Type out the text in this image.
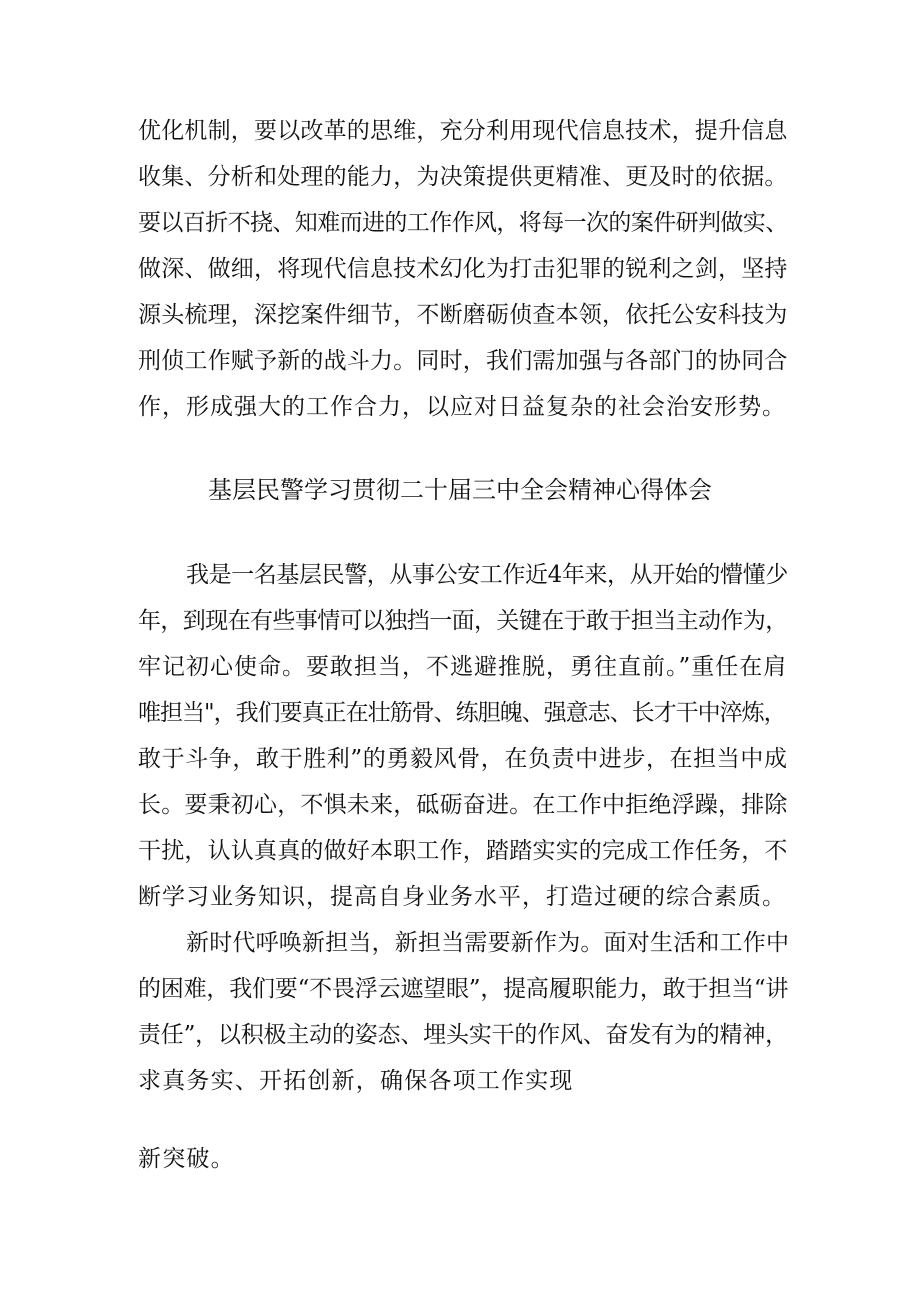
优化机制，要以改革的思维，充分利用现代信息技术，提升信息
收集、分析和处理的能力，为决策提供更精准、更及时的依据。
要以百折不挠、知难而进的工作作风，将每一次的案件研判做实、
做深、做细，将现代信息技术幻化为打击犯罪的锐利之剑，坚持
源头梳理，深挖案件细节，不断磨砺侦查本领，依托公安科技为
刑侦工作赋予新的战斗力。同时，我们需加强与各部门的协同合
作，形成强大的工作合力，以应对日益复杂的社会治安形势。
基层民警学习贯彻二十届三中全会精神心得体会
我是一名基层民警，从事公安工作近4年来，从开始的懵懂少
年，到现在有些事情可以独挡一面，关键在于敢于担当主动作为，
牢记初心使命。要敢担当，不逃避推脱，勇往直前。”重任在肩
唯担当"，我们要真正在壮筋骨、练胆魄、强意志、长才干中淬炼，
敢于斗争，敢于胜利”的勇毅风骨，在负责中进步，在担当中成
长。要秉初心，不惧未来，砥砺奋进。在工作中拒绝浮躁，排除
干扰，认认真真的做好本职工作，踏踏实实的完成工作任务，不
断学习业务知识，提高自身业务水平，打造过硬的综合素质。
新时代呼唤新担当，新担当需要新作为。面对生活和工作中
的困难，我们要“不畏浮云遮望眼”，提高履职能力，敢于担当“讲
责任”，以积极主动的姿态、埋头实干的作风、奋发有为的精神，
求真务实、开拓创新，确保各项工作实现
新突破。
